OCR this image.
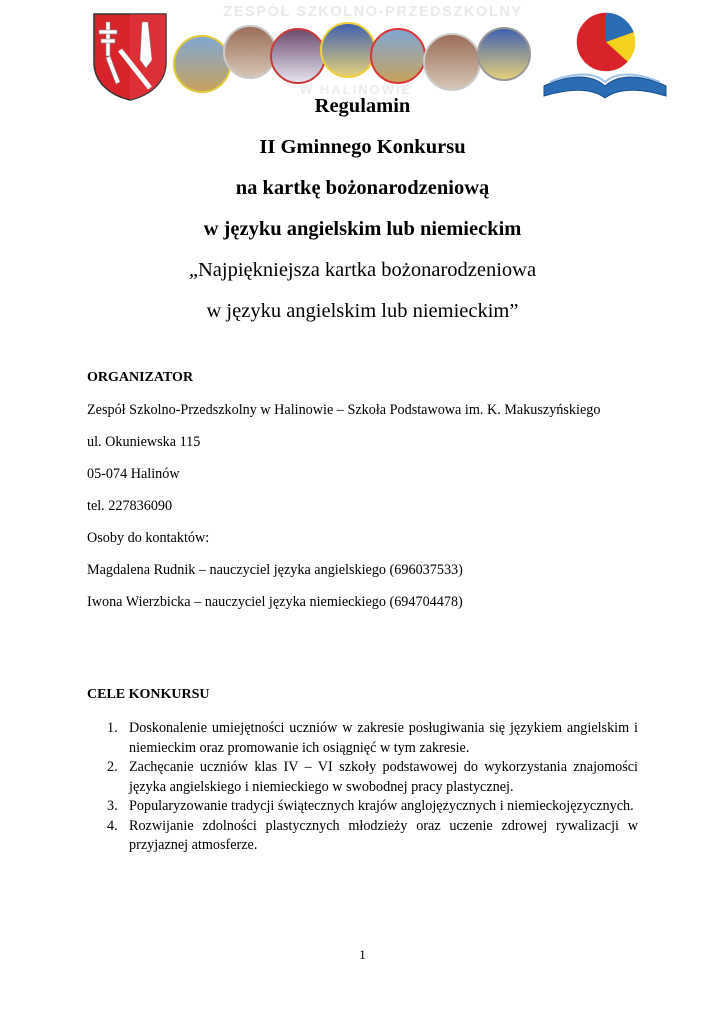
ZESPÓŁ SZKOLNO-PRZEDSZKOLNY
W HALINOWIE
Regulamin
II Gminnego Konkursu
na kartkę bożonarodzeniową
w języku angielskim lub niemieckim
„Najpiękniejsza kartka bożonarodzeniowa
w języku angielskim lub niemieckim”
ORGANIZATOR
Zespół Szkolno-Przedszkolny w Halinowie – Szkoła Podstawowa im. K. Makuszyńskiego
ul. Okuniewska 115
05-074 Halinów
tel. 227836090
Osoby do kontaktów:
Magdalena Rudnik – nauczyciel języka angielskiego (696037533)
Iwona Wierzbicka – nauczyciel języka niemieckiego (694704478)
CELE KONKURSU
1. Doskonalenie umiejętności uczniów w zakresie posługiwania się językiem angielskim i niemieckim oraz promowanie ich osiągnięć w tym zakresie.
2. Zachęcanie uczniów klas IV – VI szkoły podstawowej do wykorzystania znajomości języka angielskiego i niemieckiego w swobodnej pracy plastycznej.
3. Popularyzowanie tradycji świątecznych krajów anglojęzycznych i niemieckojęzycznych.
4. Rozwijanie zdolności plastycznych młodzieży oraz uczenie zdrowej rywalizacji w przyjaznej atmosferze.
1
